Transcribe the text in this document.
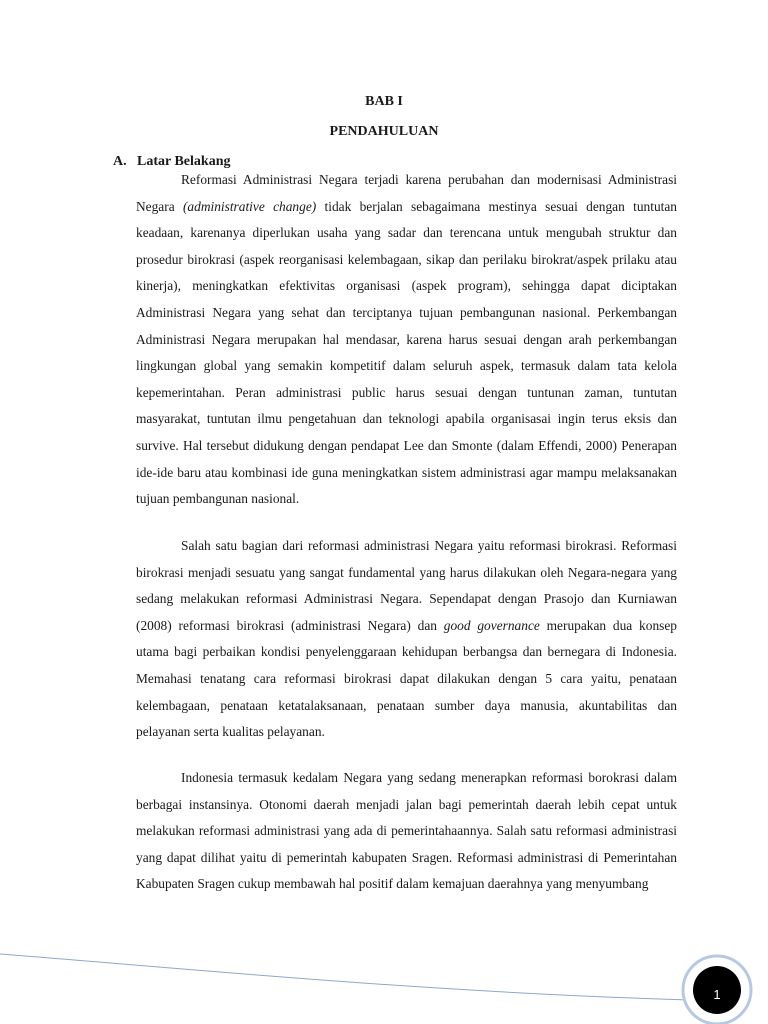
BAB I
PENDAHULUAN
A. Latar Belakang

Reformasi Administrasi Negara terjadi karena perubahan dan modernisasi Administrasi Negara (administrative change) tidak berjalan sebagaimana mestinya sesuai dengan tuntutan keadaan, karenanya diperlukan usaha yang sadar dan terencana untuk mengubah struktur dan prosedur birokrasi (aspek reorganisasi kelembagaan, sikap dan perilaku birokrat/aspek prilaku atau kinerja), meningkatkan efektivitas organisasi (aspek program), sehingga dapat diciptakan Administrasi Negara yang sehat dan terciptanya tujuan pembangunan nasional. Perkembangan Administrasi Negara merupakan hal mendasar, karena harus sesuai dengan arah perkembangan lingkungan global yang semakin kompetitif dalam seluruh aspek, termasuk dalam tata kelola kepemerintahan. Peran administrasi public harus sesuai dengan tuntunan zaman, tuntutan masyarakat, tuntutan ilmu pengetahuan dan teknologi apabila organisasai ingin terus eksis dan survive. Hal tersebut didukung dengan pendapat Lee dan Smonte (dalam Effendi, 2000) Penerapan ide-ide baru atau kombinasi ide guna meningkatkan sistem administrasi agar mampu melaksanakan tujuan pembangunan nasional.

Salah satu bagian dari reformasi administrasi Negara yaitu reformasi birokrasi. Reformasi birokrasi menjadi sesuatu yang sangat fundamental yang harus dilakukan oleh Negara-negara yang sedang melakukan reformasi Administrasi Negara. Sependapat dengan Prasojo dan Kurniawan (2008) reformasi birokrasi (administrasi Negara) dan good governance merupakan dua konsep utama bagi perbaikan kondisi penyelenggaraan kehidupan berbangsa dan bernegara di Indonesia. Memahasi tenatang cara reformasi birokrasi dapat dilakukan dengan 5 cara yaitu, penataan kelembagaan, penataan ketatalaksanaan, penataan sumber daya manusia, akuntabilitas dan pelayanan serta kualitas pelayanan.

Indonesia termasuk kedalam Negara yang sedang menerapkan reformasi borokrasi dalam berbagai instansinya. Otonomi daerah menjadi jalan bagi pemerintah daerah lebih cepat untuk melakukan reformasi administrasi yang ada di pemerintahaannya. Salah satu reformasi administrasi yang dapat dilihat yaitu di pemerintah kabupaten Sragen. Reformasi administrasi di Pemerintahan Kabupaten Sragen cukup membawah hal positif dalam kemajuan daerahnya yang menyumbang

1
